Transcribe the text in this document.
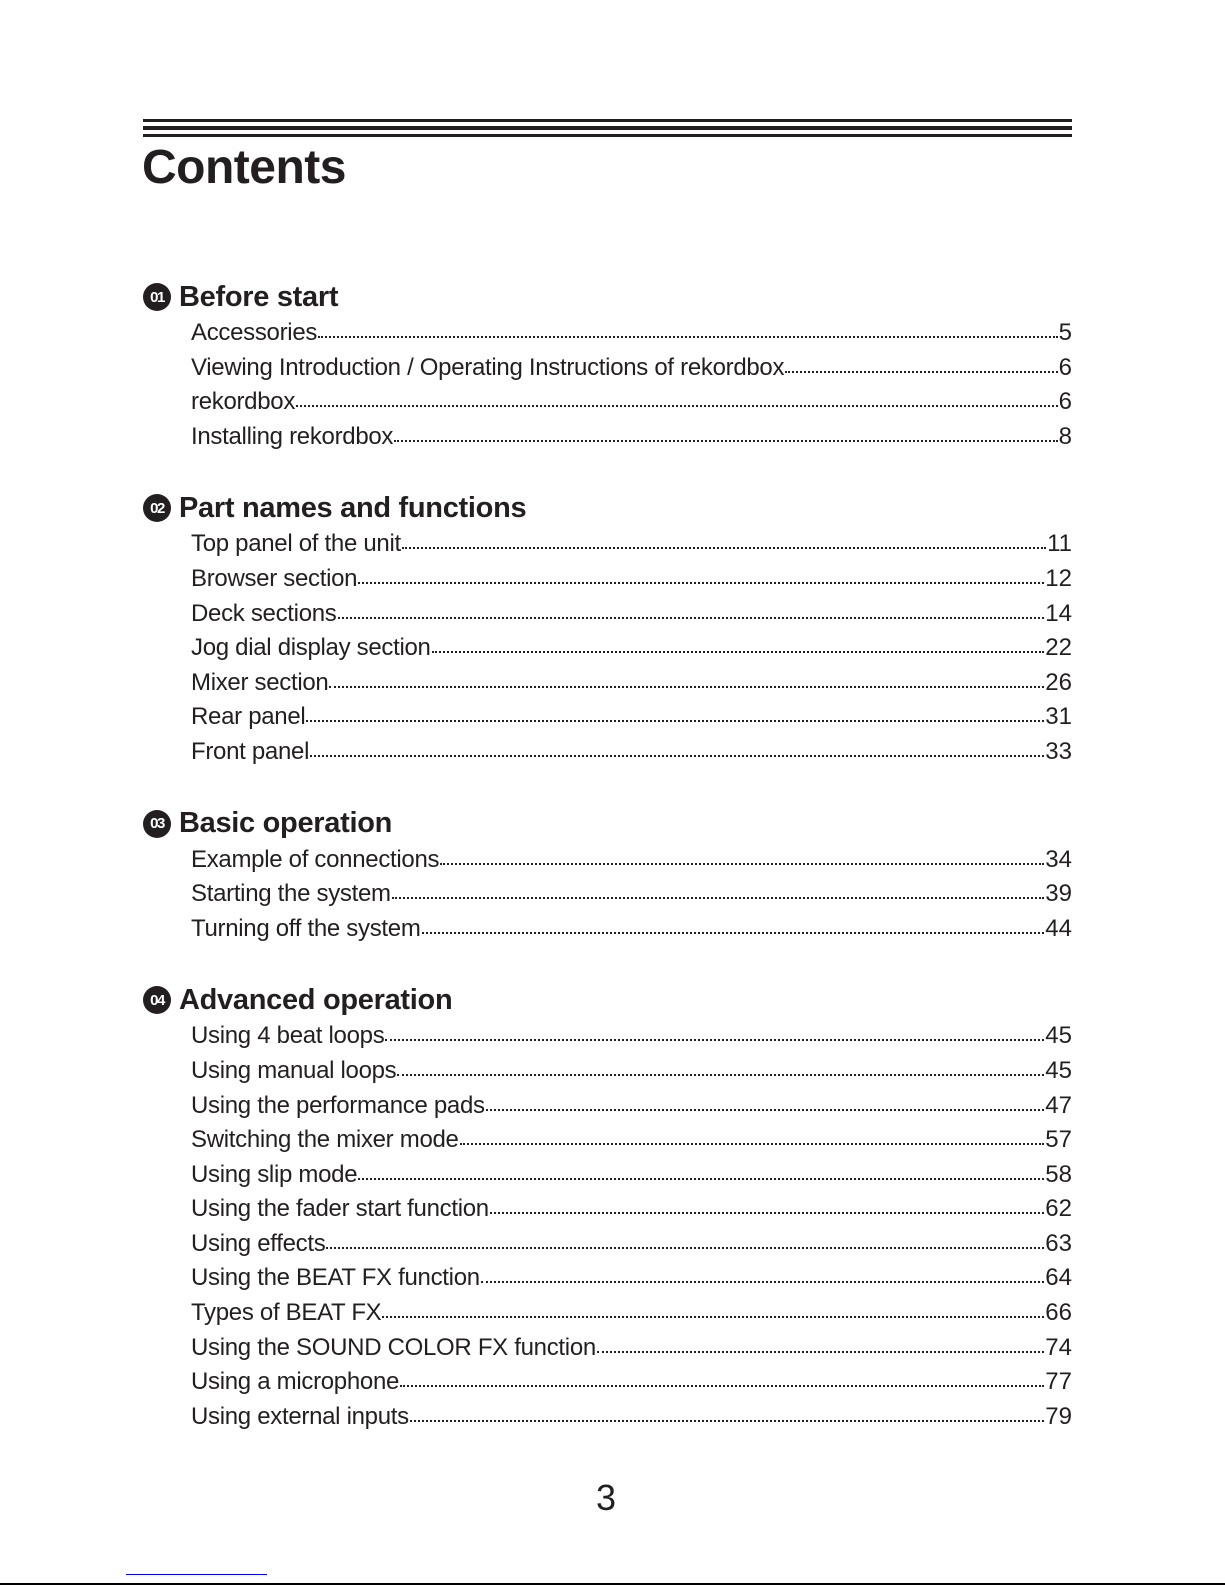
Contents
01 Before start
Accessories	5
Viewing Introduction / Operating Instructions of rekordbox	6
rekordbox	6
Installing rekordbox	8
02 Part names and functions
Top panel of the unit	11
Browser section	12
Deck sections	14
Jog dial display section	22
Mixer section	26
Rear panel	31
Front panel	33
03 Basic operation
Example of connections	34
Starting the system	39
Turning off the system	44
04 Advanced operation
Using 4 beat loops	45
Using manual loops	45
Using the performance pads	47
Switching the mixer mode	57
Using slip mode	58
Using the fader start function	62
Using effects	63
Using the BEAT FX function	64
Types of BEAT FX	66
Using the SOUND COLOR FX function	74
Using a microphone	77
Using external inputs	79
3
